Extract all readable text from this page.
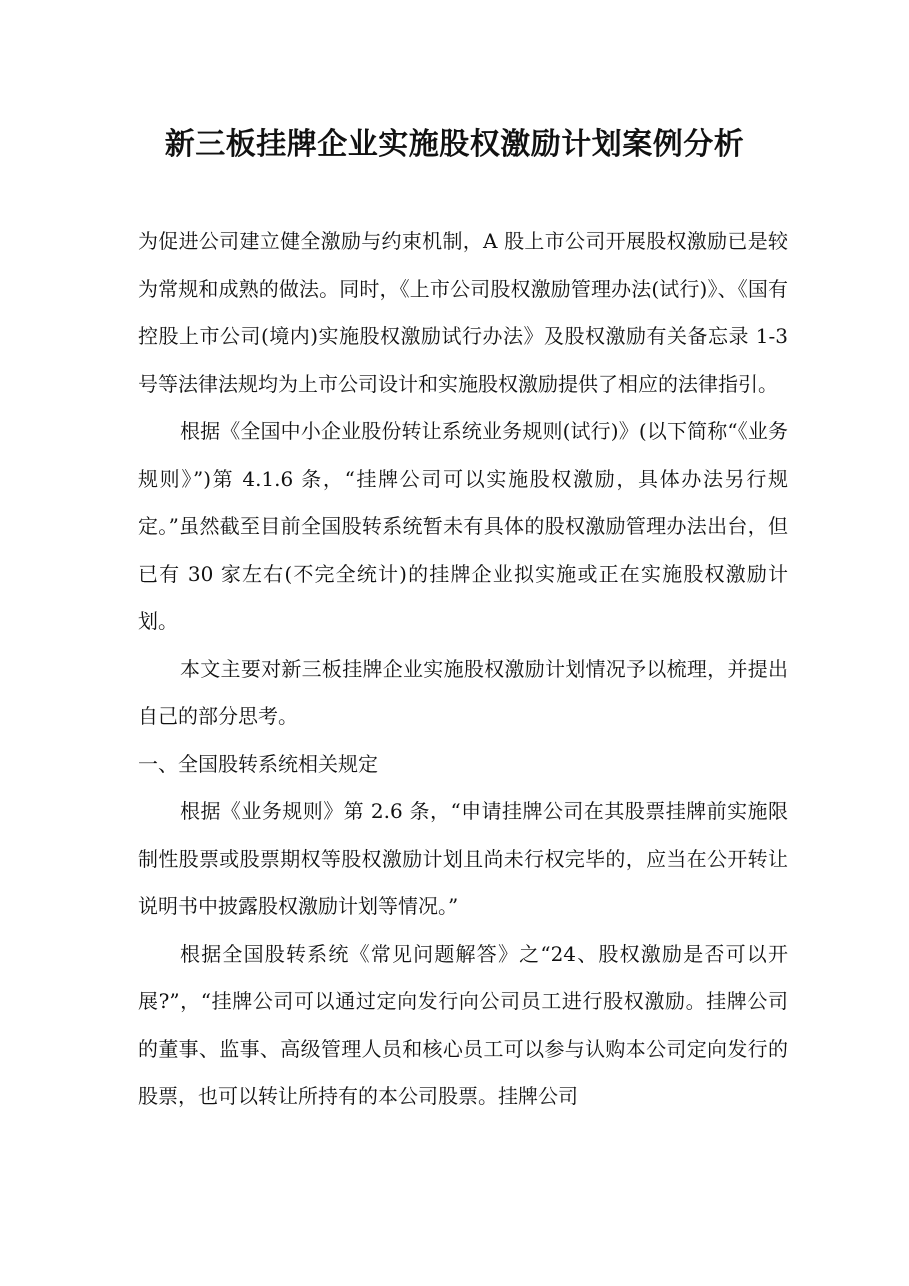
新三板挂牌企业实施股权激励计划案例分析

为促进公司建立健全激励与约束机制，A 股上市公司开展股权激励已是较为常规和成熟的做法。同时，《上市公司股权激励管理办法(试行)》、《国有控股上市公司(境内)实施股权激励试行办法》及股权激励有关备忘录 1-3 号等法律法规均为上市公司设计和实施股权激励提供了相应的法律指引。

根据《全国中小企业股份转让系统业务规则(试行)》(以下简称“《业务规则》”)第 4.1.6 条，“挂牌公司可以实施股权激励，具体办法另行规定。”虽然截至目前全国股转系统暂未有具体的股权激励管理办法出台，但已有 30 家左右(不完全统计)的挂牌企业拟实施或正在实施股权激励计划。

本文主要对新三板挂牌企业实施股权激励计划情况予以梳理，并提出自己的部分思考。

一、全国股转系统相关规定

根据《业务规则》第 2.6 条，“申请挂牌公司在其股票挂牌前实施限制性股票或股票期权等股权激励计划且尚未行权完毕的，应当在公开转让说明书中披露股权激励计划等情况。”

根据全国股转系统《常见问题解答》之“24、股权激励是否可以开展?”，“挂牌公司可以通过定向发行向公司员工进行股权激励。挂牌公司的董事、监事、高级管理人员和核心员工可以参与认购本公司定向发行的股票，也可以转让所持有的本公司股票。挂牌公司
